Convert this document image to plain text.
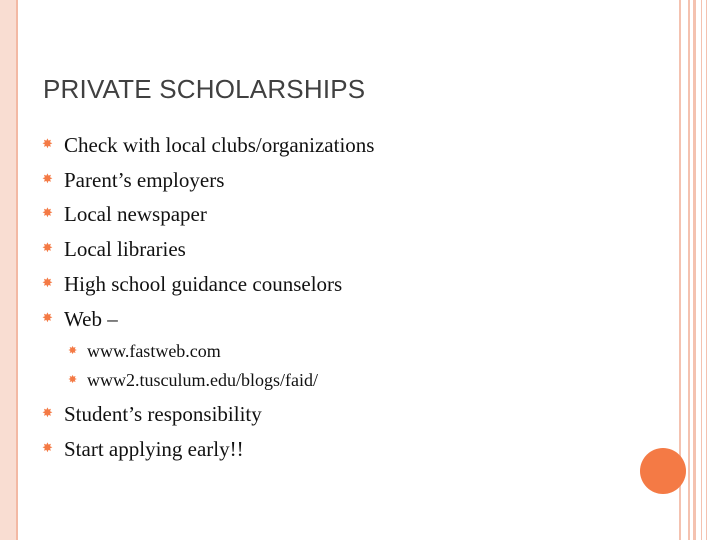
PRIVATE SCHOLARSHIPS
✸ Check with local clubs/organizations
✸ Parent’s employers
✸ Local newspaper
✸ Local libraries
✸ High school guidance counselors
✸ Web –
✸ www.fastweb.com
✸ www2.tusculum.edu/blogs/faid/
✸ Student’s responsibility
✸ Start applying early!!
